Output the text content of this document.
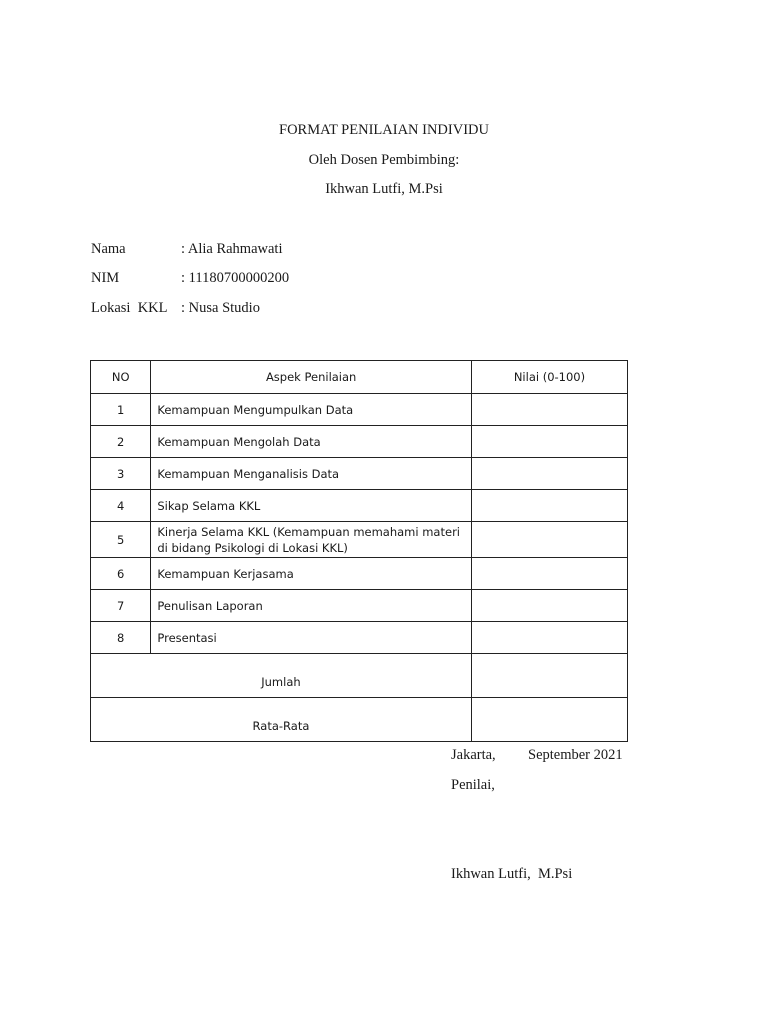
FORMAT PENILAIAN INDIVIDU
Oleh Dosen Pembimbing:
Ikhwan Lutfi, M.Psi
Nama	: Alia Rahmawati
NIM	: 11180700000200
Lokasi  KKL : Nusa Studio
NO	Aspek Penilaian	Nilai (0-100)
1	Kemampuan Mengumpulkan Data	
2	Kemampuan Mengolah Data	
3	Kemampuan Menganalisis Data	
4	Sikap Selama KKL	
5	Kinerja Selama KKL (Kemampuan memahami materi di bidang Psikologi di Lokasi KKL)	
6	Kemampuan Kerjasama	
7	Penulisan Laporan	
8	Presentasi	
Jumlah		
Rata-Rata		
Jakarta, September 2021
Penilai,
Ikhwan Lutfi,  M.Psi
